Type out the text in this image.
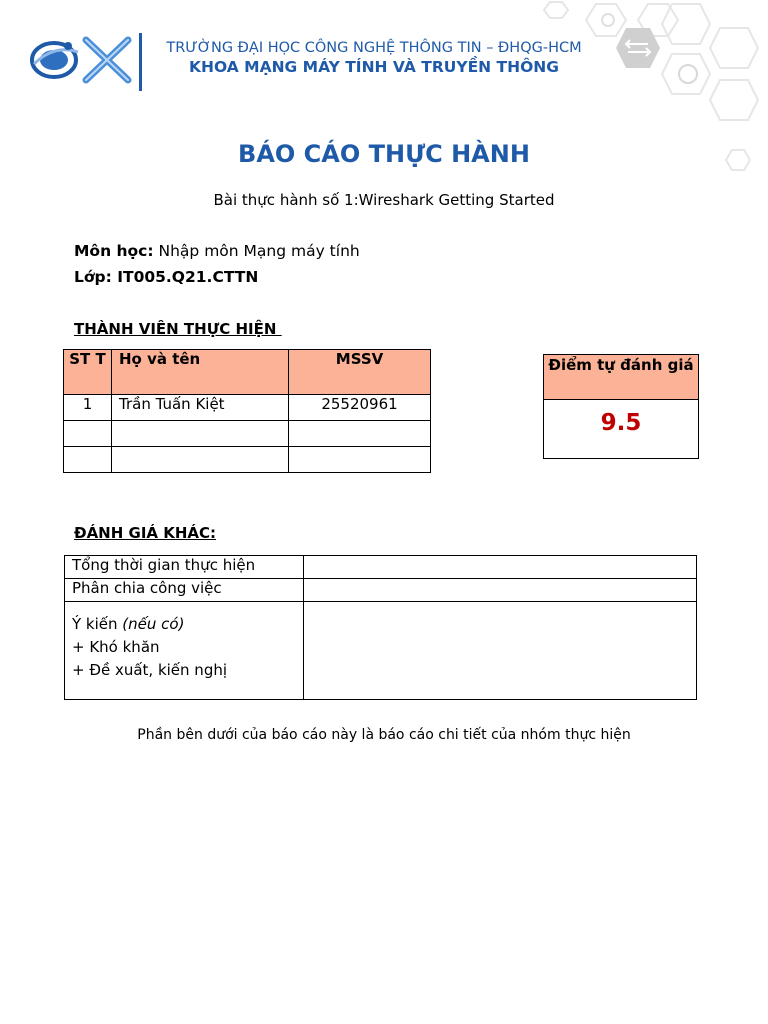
TRƯỜNG ĐẠI HỌC CÔNG NGHỆ THÔNG TIN – ĐHQG-HCM
KHOA MẠNG MÁY TÍNH VÀ TRUYỀN THÔNG
BÁO CÁO THỰC HÀNH
Bài thực hành số 1:Wireshark Getting Started
Môn học: Nhập môn Mạng máy tính
Lớp: IT005.Q21.CTTN
THÀNH VIÊN THỰC HIỆN
ST T	Họ và tên	MSSV
1	Trần Tuấn Kiệt	25520961

Điểm tự đánh giá
9.5
ĐÁNH GIÁ KHÁC:
Tổng thời gian thực hiện	
Phân chia công việc	

Ý kiến (nếu có)
+ Khó khăn
+ Đề xuất, kiến nghị	

Phần bên dưới của báo cáo này là báo cáo chi tiết của nhóm thực hiện
